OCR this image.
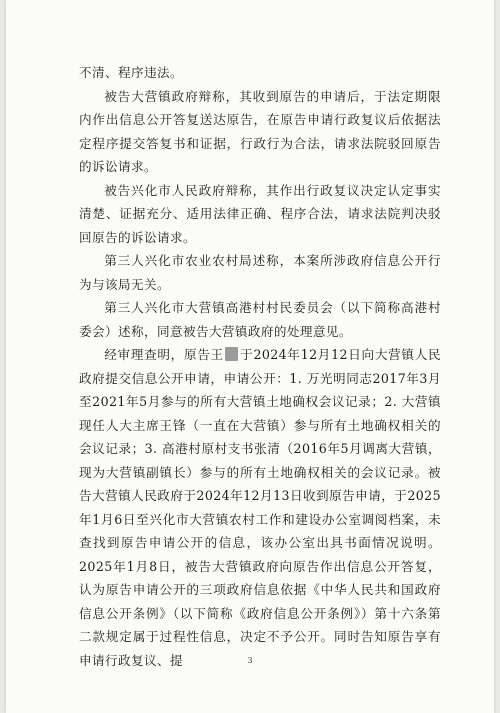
不清、程序违法。

被告大营镇政府辩称，其收到原告的申请后，于法定期限内作出信息公开答复送达原告，在原告申请行政复议后依据法定程序提交答复书和证据，行政行为合法，请求法院驳回原告的诉讼请求。

被告兴化市人民政府辩称，其作出行政复议决定认定事实清楚、证据充分、适用法律正确、程序合法，请求法院判决驳回原告的诉讼请求。

第三人兴化市农业农村局述称，本案所涉政府信息公开行为与该局无关。

第三人兴化市大营镇高港村村民委员会（以下简称高港村委会）述称，同意被告大营镇政府的处理意见。

经审理查明，原告王 于2024年12月12日向大营镇人民政府提交信息公开申请，申请公开：1. 万光明同志2017年3月至2021年5月参与的所有大营镇土地确权会议记录；2. 大营镇现任人大主席王锋（一直在大营镇）参与所有土地确权相关的会议记录；3. 高港村原村支书张清（2016年5月调离大营镇，现为大营镇副镇长）参与的所有土地确权相关的会议记录。被告大营镇人民政府于2024年12月13日收到原告申请，于2025年1月6日至兴化市大营镇农村工作和建设办公室调阅档案，未查找到原告申请公开的信息，该办公室出具书面情况说明。2025年1月8日，被告大营镇政府向原告作出信息公开答复，认为原告申请公开的三项政府信息依据《中华人民共和国政府信息公开条例》（以下简称《政府信息公开条例》）第十六条第二款规定属于过程性信息，决定不予公开。同时告知原告享有申请行政复议、提	3
